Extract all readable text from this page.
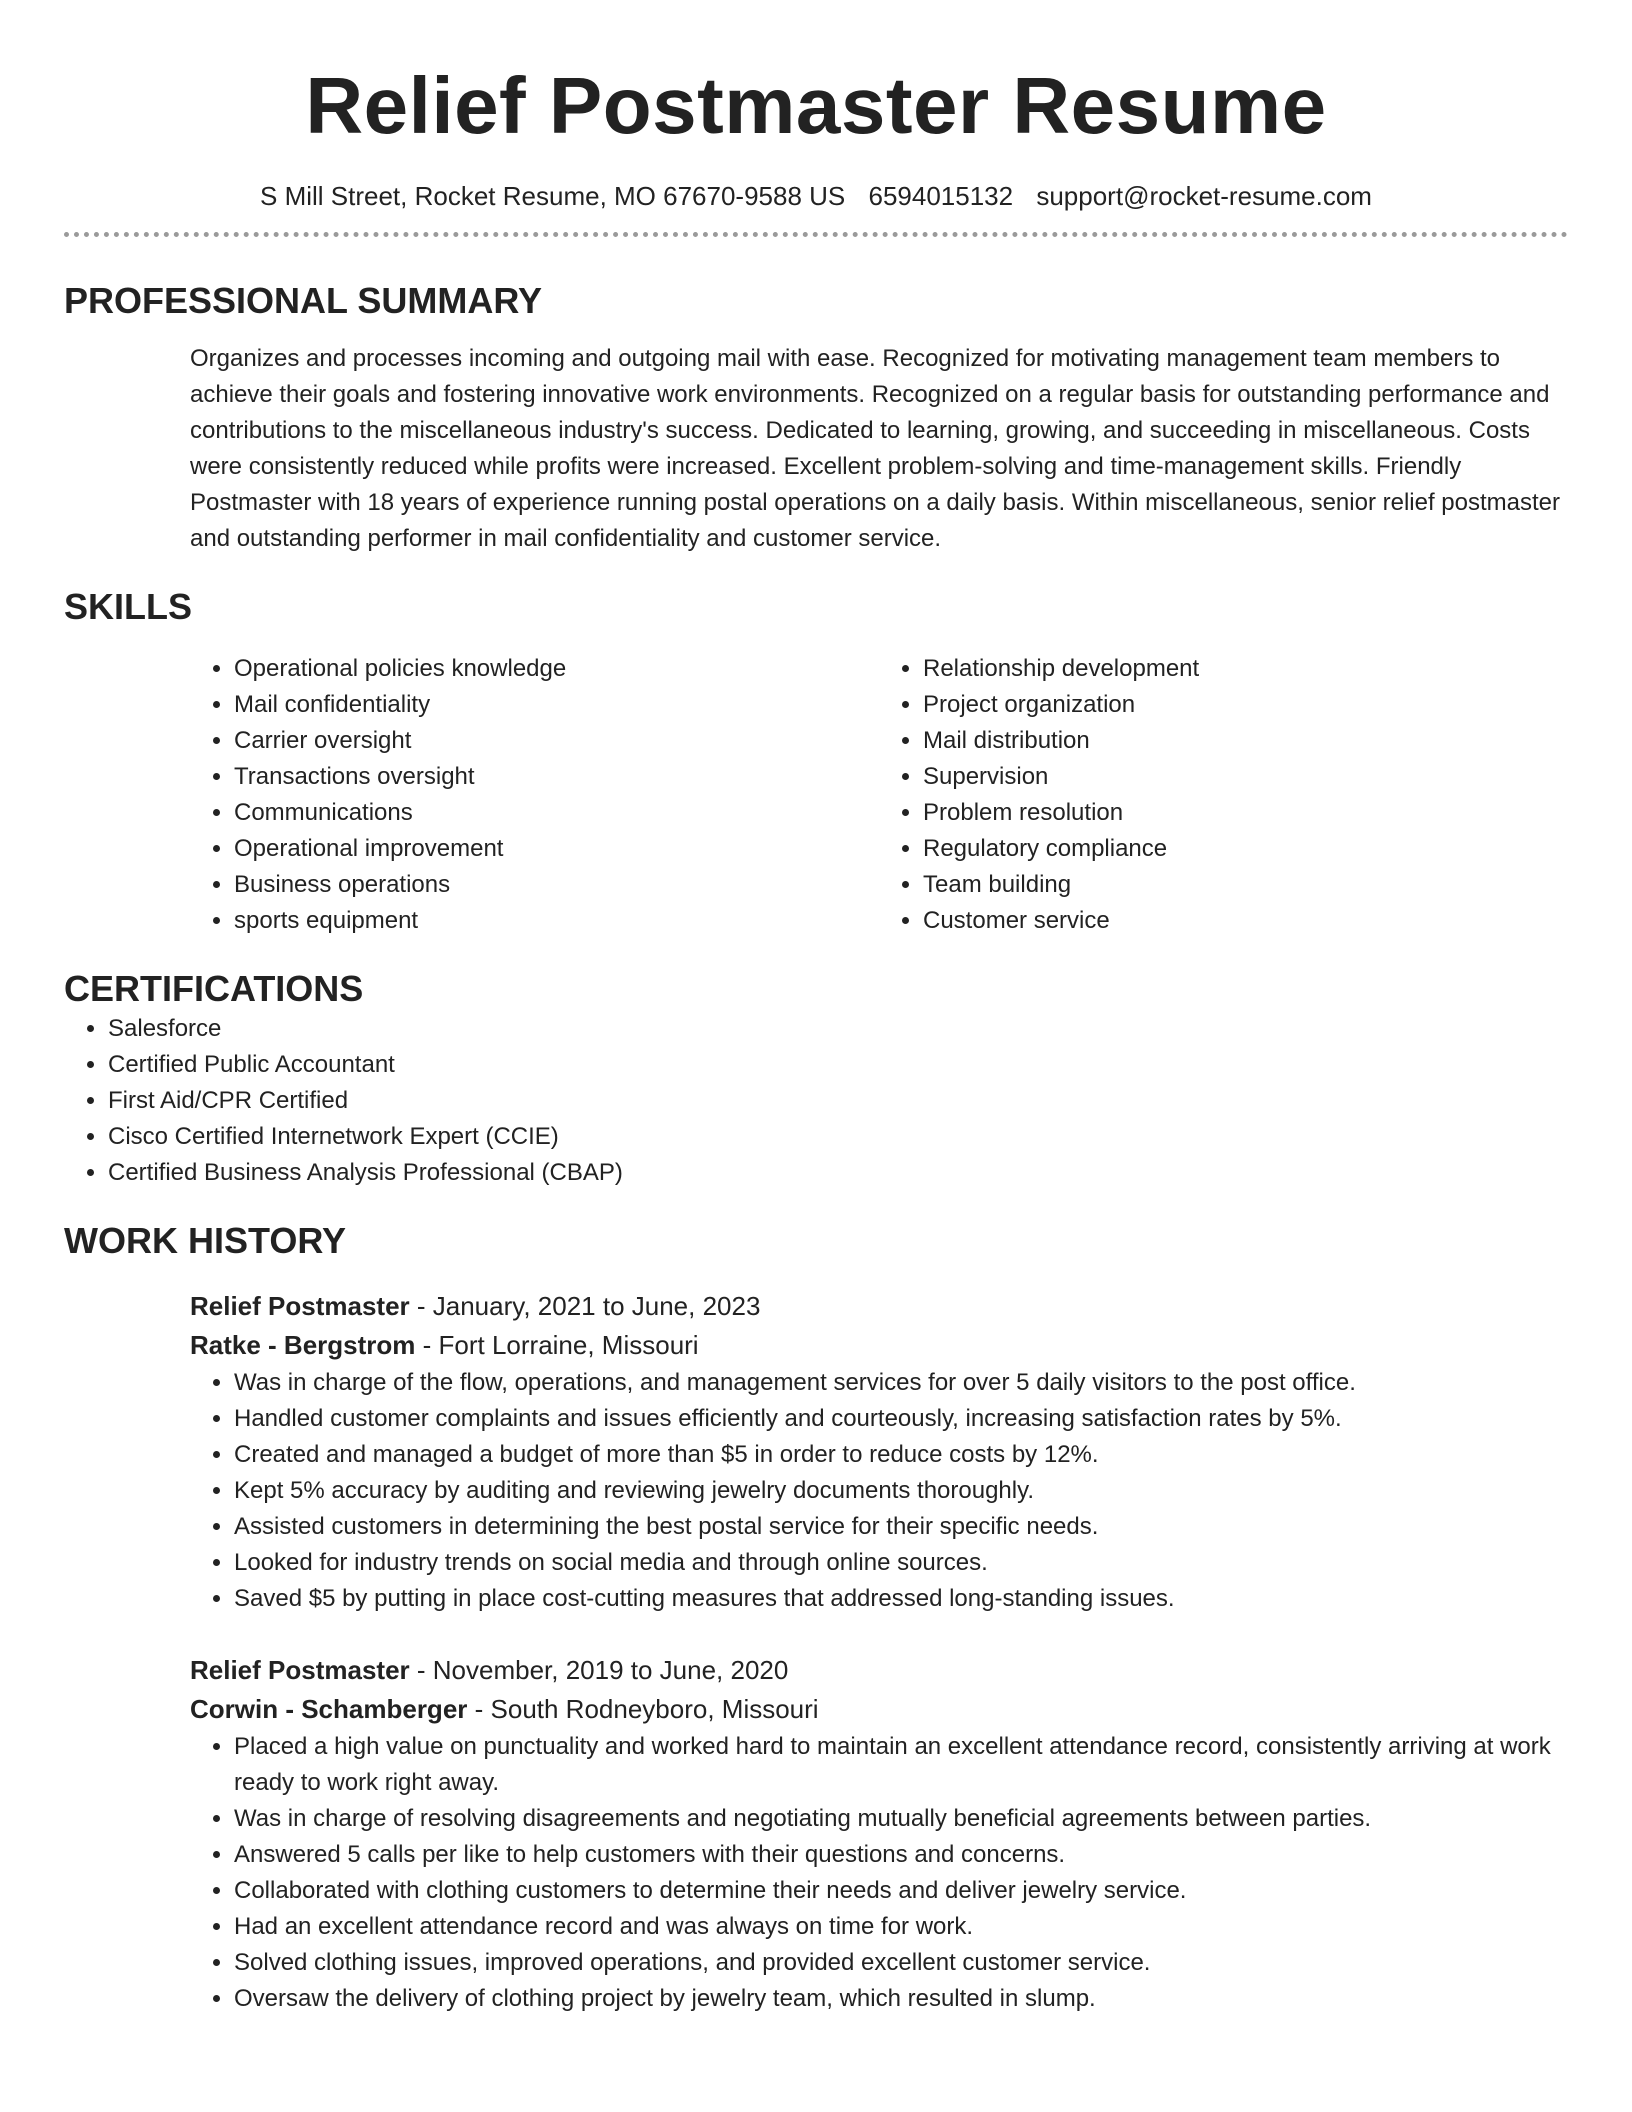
Relief Postmaster Resume
S Mill Street, Rocket Resume, MO 67670-9588 US 6594015132 support@rocket-resume.com
PROFESSIONAL SUMMARY

Organizes and processes incoming and outgoing mail with ease. Recognized for motivating management team members to achieve their goals and fostering innovative work environments. Recognized on a regular basis for outstanding performance and contributions to the miscellaneous industry's success. Dedicated to learning, growing, and succeeding in miscellaneous. Costs were consistently reduced while profits were increased. Excellent problem-solving and time-management skills. Friendly Postmaster with 18 years of experience running postal operations on a daily basis. Within miscellaneous, senior relief postmaster and outstanding performer in mail confidentiality and customer service.

SKILLS
• Operational policies knowledge
• Mail confidentiality
• Carrier oversight
• Transactions oversight
• Communications
• Operational improvement
• Business operations
• sports equipment
• Relationship development
• Project organization
• Mail distribution
• Supervision
• Problem resolution
• Regulatory compliance
• Team building
• Customer service
CERTIFICATIONS
• Salesforce
• Certified Public Accountant
• First Aid/CPR Certified
• Cisco Certified Internetwork Expert (CCIE)
• Certified Business Analysis Professional (CBAP)
WORK HISTORY
Relief Postmaster - January, 2021 to June, 2023
Ratke - Bergstrom - Fort Lorraine, Missouri
• Was in charge of the flow, operations, and management services for over 5 daily visitors to the post office.
• Handled customer complaints and issues efficiently and courteously, increasing satisfaction rates by 5%.
• Created and managed a budget of more than $5 in order to reduce costs by 12%.
• Kept 5% accuracy by auditing and reviewing jewelry documents thoroughly.
• Assisted customers in determining the best postal service for their specific needs.
• Looked for industry trends on social media and through online sources.
• Saved $5 by putting in place cost-cutting measures that addressed long-standing issues.
Relief Postmaster - November, 2019 to June, 2020
Corwin - Schamberger - South Rodneyboro, Missouri
• Placed a high value on punctuality and worked hard to maintain an excellent attendance record, consistently arriving at work ready to work right away.
• Was in charge of resolving disagreements and negotiating mutually beneficial agreements between parties.
• Answered 5 calls per like to help customers with their questions and concerns.
• Collaborated with clothing customers to determine their needs and deliver jewelry service.
• Had an excellent attendance record and was always on time for work.
• Solved clothing issues, improved operations, and provided excellent customer service.
• Oversaw the delivery of clothing project by jewelry team, which resulted in slump.
